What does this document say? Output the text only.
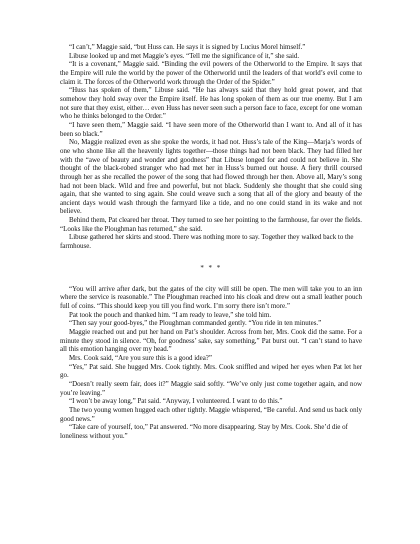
“I can’t,” Maggie said, “but Huss can. He says it is signed by Lucius Morel himself.”

Libuse looked up and met Maggie’s eyes. “Tell me the significance of it,” she said.

“It is a covenant,” Maggie said. “Binding the evil powers of the Otherworld to the Empire. It says that the Empire will rule the world by the power of the Otherworld until the leaders of that world’s evil come to claim it. The forces of the Otherworld work through the Order of the Spider.”

“Huss has spoken of them,” Libuse said. “He has always said that they hold great power, and that somehow they hold sway over the Empire itself. He has long spoken of them as our true enemy. But I am not sure that they exist, either… even Huss has never seen such a person face to face, except for one woman who he thinks belonged to the Order.”

“I have seen them,” Maggie said. “I have seen more of the Otherworld than I want to. And all of it has been so black.”

No, Maggie realized even as she spoke the words, it had not. Huss’s tale of the King—Marja’s words of one who shone like all the heavenly lights together—those things had not been black. They had filled her with the “awe of beauty and wonder and goodness” that Libuse longed for and could not believe in. She thought of the black-robed stranger who had met her in Huss’s burned out house. A fiery thrill coursed through her as she recalled the power of the song that had flowed through her then. Above all, Mary’s song had not been black. Wild and free and powerful, but not black. Suddenly she thought that she could sing again, that she wanted to sing again. She could weave such a song that all of the glory and beauty of the ancient days would wash through the farmyard like a tide, and no one could stand in its wake and not believe.

Behind them, Pat cleared her throat. They turned to see her pointing to the farmhouse, far over the fields. “Looks like the Ploughman has returned,” she said.

Libuse gathered her skirts and stood. There was nothing more to say. Together they walked back to the farmhouse.

* * *

“You will arrive after dark, but the gates of the city will still be open. The men will take you to an inn where the service is reasonable.” The Ploughman reached into his cloak and drew out a small leather pouch full of coins. “This should keep you till you find work. I’m sorry there isn’t more.”

Pat took the pouch and thanked him. “I am ready to leave,” she told him.

“Then say your good-byes,” the Ploughman commanded gently. “You ride in ten minutes.”

Maggie reached out and put her hand on Pat’s shoulder. Across from her, Mrs. Cook did the same. For a minute they stood in silence. “Oh, for goodness’ sake, say something,” Pat burst out. “I can’t stand to have all this emotion hanging over my head.”

Mrs. Cook said, “Are you sure this is a good idea?”

“Yes,” Pat said. She hugged Mrs. Cook tightly. Mrs. Cook sniffled and wiped her eyes when Pat let her go.

“Doesn’t really seem fair, does it?” Maggie said softly. “We’ve only just come together again, and now you’re leaving.”

“I won’t be away long,” Pat said. “Anyway, I volunteered. I want to do this.”

The two young women hugged each other tightly. Maggie whispered, “Be careful. And send us back only good news.”

“Take care of yourself, too,” Pat answered. “No more disappearing. Stay by Mrs. Cook. She’d die of loneliness without you.”
